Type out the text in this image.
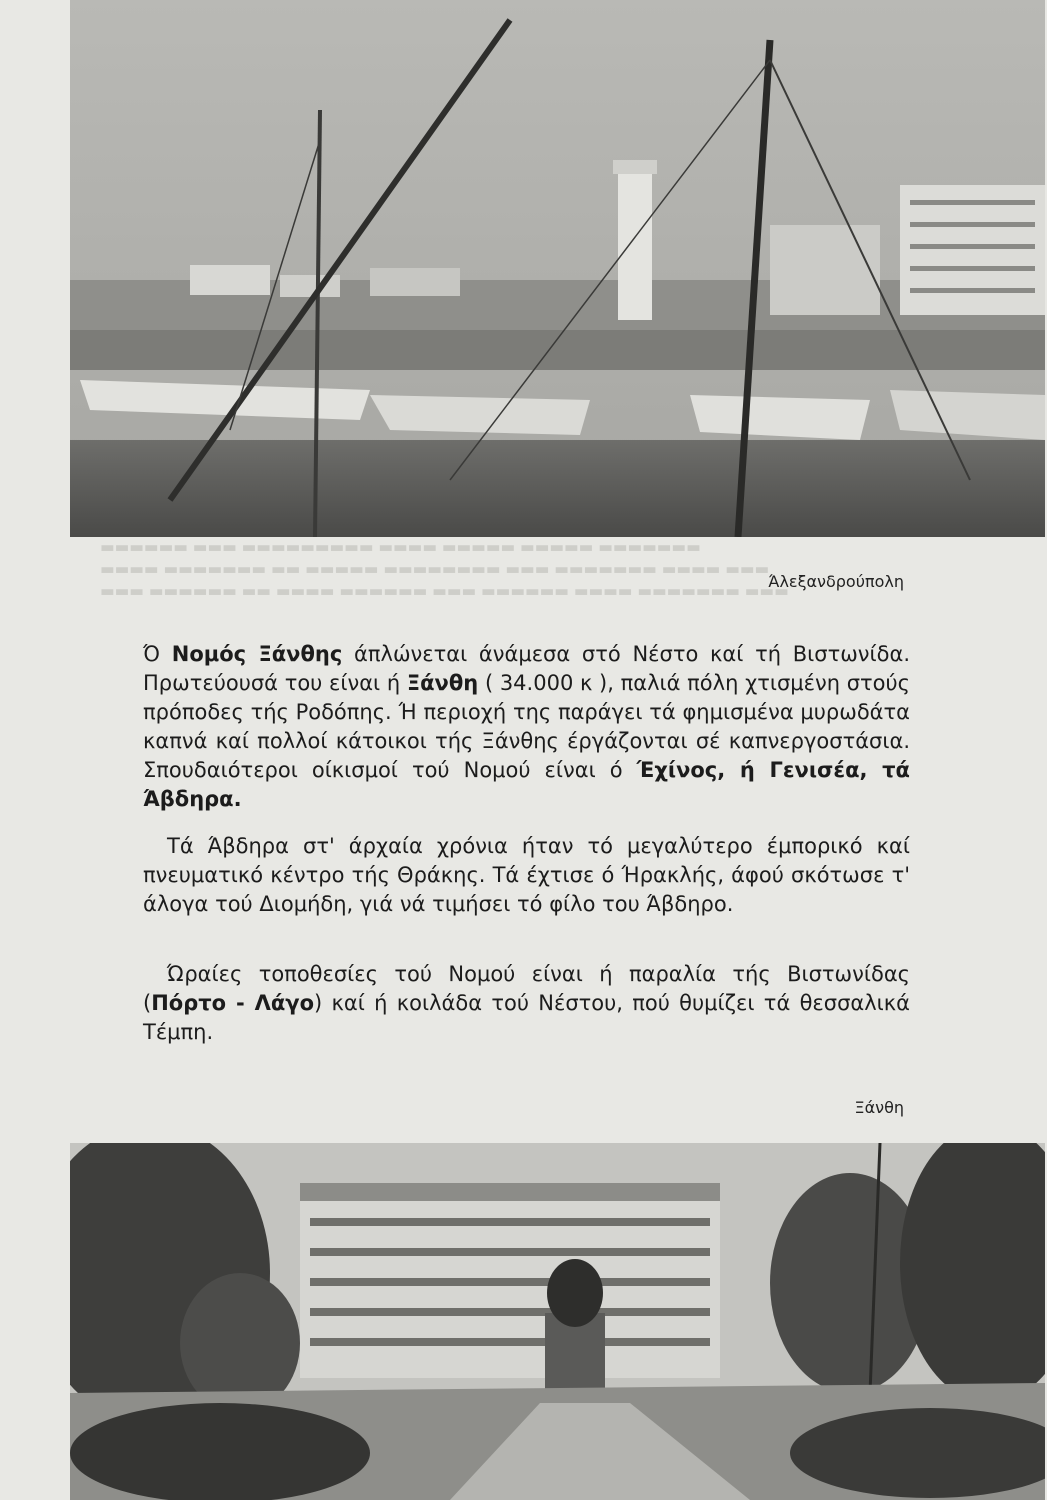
Άλεξανδρούπολη
▬▬▬ ▬▬▬▬▬▬ ▬▬ ▬▬▬▬ ▬▬▬▬▬▬ ▬▬▬ ▬▬▬▬▬▬ ▬▬▬▬ ▬▬▬▬▬▬▬ ▬▬▬
▬▬▬▬ ▬▬▬▬▬▬▬ ▬▬ ▬▬▬▬▬ ▬▬▬▬▬▬▬▬ ▬▬▬ ▬▬▬▬▬▬▬ ▬▬▬▬ ▬▬▬
▬▬▬▬▬▬ ▬▬▬ ▬▬▬▬▬▬▬▬▬ ▬▬▬▬ ▬▬▬▬▬ ▬▬▬▬▬ ▬▬▬▬▬▬▬

Ό Νομός Ξάνθης άπλώνεται άνάμεσα στό Νέστο καί τή Βιστωνίδα. Πρωτεύουσά του είναι ή Ξάνθη ( 34.000 κ ), παλιά πόλη χτισμένη στούς πρόποδες τής Ροδόπης. Ή περιοχή της παράγει τά φημισμένα μυρωδάτα καπνά καί πολλοί κάτοικοι τής Ξάνθης έργάζονται σέ καπνεργοστάσια. Σπουδαιότεροι οίκισμοί τού Νομού είναι ό Έχίνος, ή Γενισέα, τά Άβδηρα.

Τά Άβδηρα στ' άρχαία χρόνια ήταν τό μεγαλύτερο έμπορικό καί πνευματικό κέντρο τής Θράκης. Τά έχτισε ό Ήρακλής, άφού σκότωσε τ' άλογα τού Διομήδη, γιά νά τιμήσει τό φίλο του Άβδηρο.

Ώραίες τοποθεσίες τού Νομού είναι ή παραλία τής Βιστωνίδας (Πόρτο - Λάγο) καί ή κοιλάδα τού Νέστου, πού θυμίζει τά θεσσαλικά Τέμπη.

Ξάνθη
